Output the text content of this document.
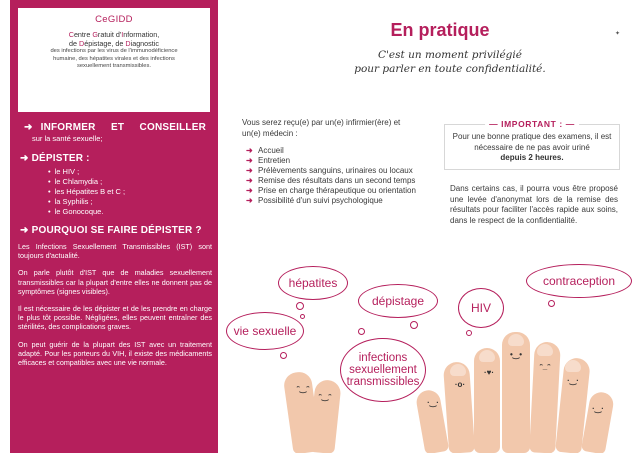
CeGIDD
Centre Gratuit d'Information,
de Dépistage, de Diagnostic
des infections par les virus de l'immunodéficience
humaine, des hépatites virales et des infections
sexuellement transmissibles.
➜ INFORMER ET CONSEILLER
sur la santé sexuelle;
➜ DÉPISTER :
• le HIV ;
• le Chlamydia ;
• les Hépatites B et C ;
• la Syphilis ;
• le Gonocoque.
➜ POURQUOI SE FAIRE DÉPISTER ?

Les Infections Sexuellement Transmissibles (IST) sont toujours d'actualité.

On parle plutôt d'IST que de maladies sexuellement transmissibles car la plupart d'entre elles ne donnent pas de symptômes (signes visibles).

Il est nécessaire de les dépister et de les prendre en charge le plus tôt possible. Négligées, elles peuvent entraîner des stérilités, des complications graves.

On peut guérir de la plupart des IST avec un traitement adapté. Pour les porteurs du VIH, il existe des médicaments efficaces et compatibles avec une vie normale.

En pratique	✦
C'est un moment privilégié
pour parler en toute confidentialité.
Vous serez reçu(e) par un(e) infirmier(ère) et un(e) médecin :
➜ Accueil
➜ Entretien
➜ Prélèvements sanguins, urinaires ou locaux
➜ Remise des résultats dans un second temps
➜ Prise en charge thérapeutique ou orientation
➜ Possibilité d'un suivi psychologique
— IMPORTANT : —
Pour une bonne pratique des examens, il est nécessaire de ne pas avoir uriné
depuis 2 heures.
Dans certains cas, il pourra vous être proposé une levée d'anonymat lors de la remise des résultats pour faciliter l'accès rapide aux soins, dans le respect de la confidentialité.
ᵔ‿ᵔ
ᵔ‿ᵔ
·‿·
·o·
·♥·
•‿•
ᵔ_ᵔ
·‿·
·‿·
hépatites
dépistage	HIV
contraception
vie sexuelle
infections
sexuellement
transmissibles
